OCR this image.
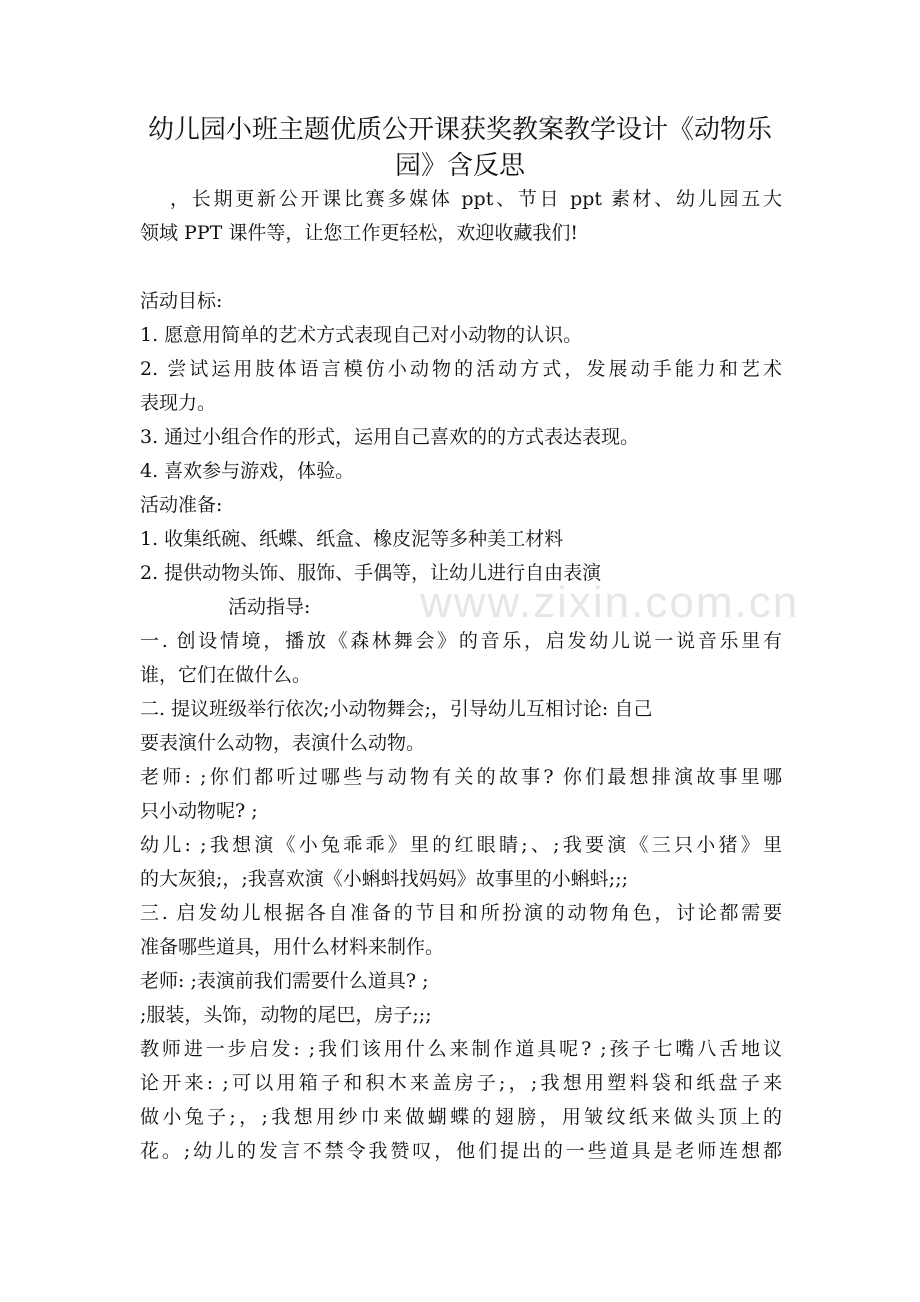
幼儿园小班主题优质公开课获奖教案教学设计《动物乐
园》含反思
www.zixin.com.cn
，长期更新公开课比赛多媒体 ppt、节日 ppt 素材、幼儿园五大
领域 PPT 课件等，让您工作更轻松，欢迎收藏我们!
活动目标:
1. 愿意用简单的艺术方式表现自己对小动物的认识。
2. 尝试运用肢体语言模仿小动物的活动方式，发展动手能力和艺术
表现力。
3. 通过小组合作的形式，运用自己喜欢的的方式表达表现。
4. 喜欢参与游戏，体验。
活动准备:
1. 收集纸碗、纸蝶、纸盒、橡皮泥等多种美工材料
2. 提供动物头饰、服饰、手偶等，让幼儿进行自由表演
活动指导:
一. 创设情境，播放《森林舞会》的音乐，启发幼儿说一说音乐里有
谁，它们在做什么。
二. 提议班级举行依次;小动物舞会;，引导幼儿互相讨论: 自己
要表演什么动物，表演什么动物。
老师: ;你们都听过哪些与动物有关的故事? 你们最想排演故事里哪
只小动物呢? ;
幼儿: ;我想演《小兔乖乖》里的红眼睛;、;我要演《三只小猪》里
的大灰狼;，;我喜欢演《小蝌蚪找妈妈》故事里的小蝌蚪;;;
三. 启发幼儿根据各自准备的节目和所扮演的动物角色，讨论都需要
准备哪些道具，用什么材料来制作。
老师: ;表演前我们需要什么道具? ;
;服装，头饰，动物的尾巴，房子;;;
教师进一步启发: ;我们该用什么来制作道具呢? ;孩子七嘴八舌地议
论开来: ;可以用箱子和积木来盖房子;，;我想用塑料袋和纸盘子来
做小兔子;，;我想用纱巾来做蝴蝶的翅膀，用皱纹纸来做头顶上的
花。;幼儿的发言不禁令我赞叹，他们提出的一些道具是老师连想都
